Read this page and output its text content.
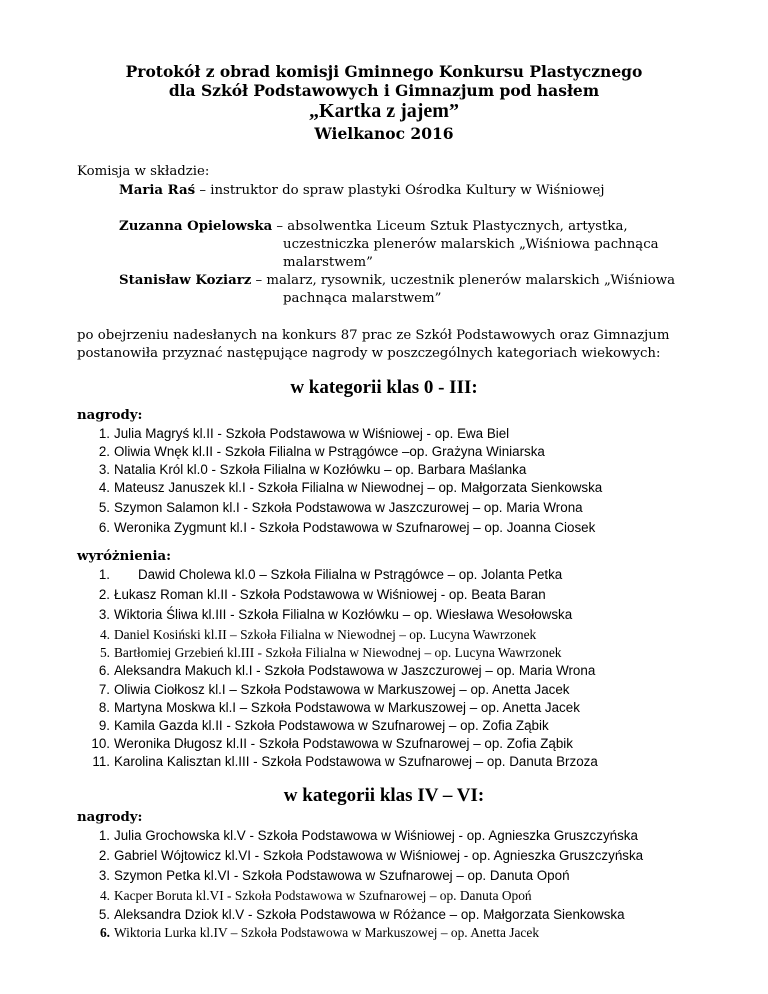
Protokół z obrad komisji Gminnego Konkursu Plastycznego
dla Szkół Podstawowych i Gimnazjum pod hasłem
„Kartka z jajem”
Wielkanoc 2016
Komisja w składzie:
Maria Raś – instruktor do spraw plastyki Ośrodka Kultury w Wiśniowej
Zuzanna Opielowska – absolwentka Liceum Sztuk Plastycznych, artystka,
uczestniczka plenerów malarskich „Wiśniowa pachnąca
malarstwem”
Stanisław Koziarz – malarz, rysownik, uczestnik plenerów malarskich „Wiśniowa
pachnąca malarstwem”
po obejrzeniu nadesłanych na konkurs 87 prac ze Szkół Podstawowych oraz Gimnazjum
postanowiła przyznać następujące nagrody w poszczególnych kategoriach wiekowych:
w kategorii klas 0 - III:
nagrody:
1. Julia Magryś kl.II - Szkoła Podstawowa w Wiśniowej - op. Ewa Biel
2. Oliwia Wnęk kl.II - Szkoła Filialna w Pstrągówce –op. Grażyna Winiarska
3. Natalia Król kl.0 - Szkoła Filialna w Kozłówku – op. Barbara Maślanka
4. Mateusz Januszek kl.I - Szkoła Filialna w Niewodnej – op. Małgorzata Sienkowska
5. Szymon Salamon kl.I - Szkoła Podstawowa w Jaszczurowej – op. Maria Wrona
6. Weronika Zygmunt kl.I - Szkoła Podstawowa w Szufnarowej – op. Joanna Ciosek
wyróżnienia:
1. Dawid Cholewa kl.0 – Szkoła Filialna w Pstrągówce – op. Jolanta Petka
2. Łukasz Roman kl.II - Szkoła Podstawowa w Wiśniowej - op. Beata Baran
3. Wiktoria Śliwa kl.III - Szkoła Filialna w Kozłówku – op. Wiesława Wesołowska
4. Daniel Kosiński kl.II – Szkoła Filialna w Niewodnej – op. Lucyna Wawrzonek
5. Bartłomiej Grzebień kl.III - Szkoła Filialna w Niewodnej – op. Lucyna Wawrzonek
6. Aleksandra Makuch kl.I - Szkoła Podstawowa w Jaszczurowej – op. Maria Wrona
7. Oliwia Ciołkosz kl.I – Szkoła Podstawowa w Markuszowej – op. Anetta Jacek
8. Martyna Moskwa kl.I – Szkoła Podstawowa w Markuszowej – op. Anetta Jacek
9. Kamila Gazda kl.II - Szkoła Podstawowa w Szufnarowej – op. Zofia Ząbik
10. Weronika Długosz kl.II - Szkoła Podstawowa w Szufnarowej – op. Zofia Ząbik
11. Karolina Kalisztan kl.III - Szkoła Podstawowa w Szufnarowej – op. Danuta Brzoza
w kategorii klas IV – VI:
nagrody:
1. Julia Grochowska kl.V - Szkoła Podstawowa w Wiśniowej - op. Agnieszka Gruszczyńska
2. Gabriel Wójtowicz kl.VI - Szkoła Podstawowa w Wiśniowej - op. Agnieszka Gruszczyńska
3. Szymon Petka kl.VI - Szkoła Podstawowa w Szufnarowej – op. Danuta Opoń
4. Kacper Boruta kl.VI - Szkoła Podstawowa w Szufnarowej – op. Danuta Opoń
5. Aleksandra Dziok kl.V - Szkoła Podstawowa w Różance – op. Małgorzata Sienkowska
6. Wiktoria Lurka kl.IV – Szkoła Podstawowa w Markuszowej – op. Anetta Jacek
